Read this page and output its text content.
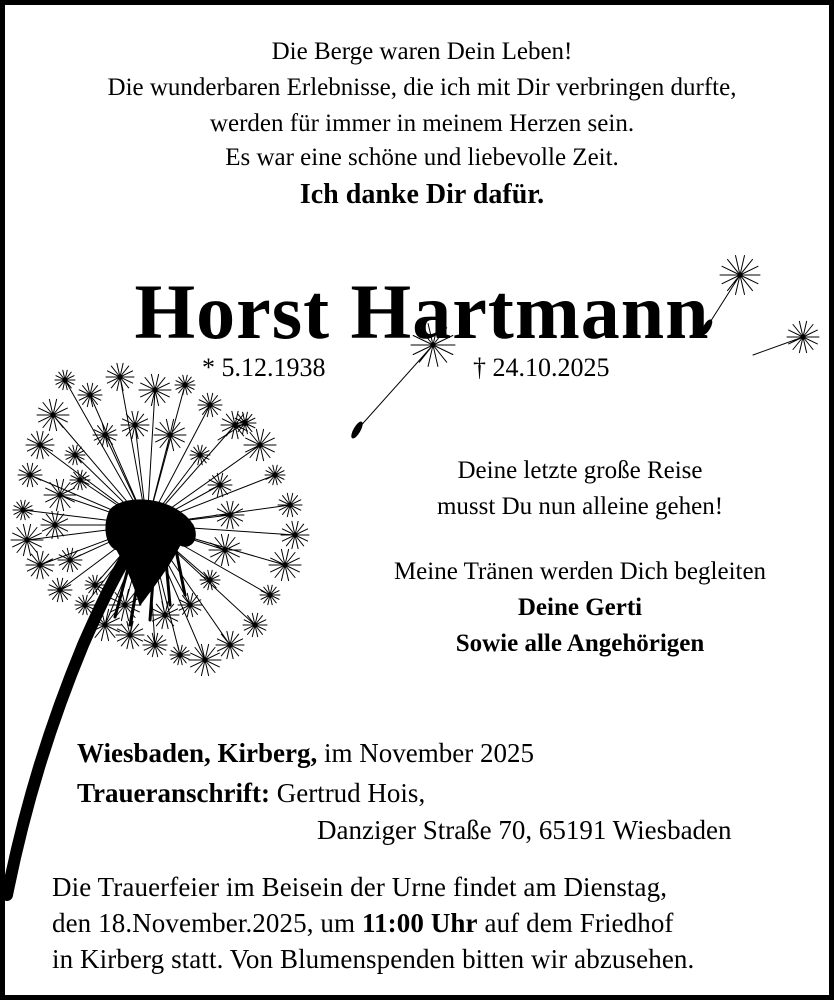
Die Berge waren Dein Leben!
Die wunderbaren Erlebnisse, die ich mit Dir verbringen durfte,
werden für immer in meinem Herzen sein.
Es war eine schöne und liebevolle Zeit.
Ich danke Dir dafür.
Horst Hartmann
* 5.12.1938	† 24.10.2025
Deine letzte große Reise
musst Du nun alleine gehen!
Meine Tränen werden Dich begleiten
Deine Gerti
Sowie alle Angehörigen
Wiesbaden, Kirberg, im November 2025
Traueranschrift: Gertrud Hois,
Danziger Straße 70, 65191 Wiesbaden
Die Trauerfeier im Beisein der Urne findet am Dienstag,
den 18.November.2025, um 11:00 Uhr auf dem Friedhof
in Kirberg statt. Von Blumenspenden bitten wir abzusehen.
